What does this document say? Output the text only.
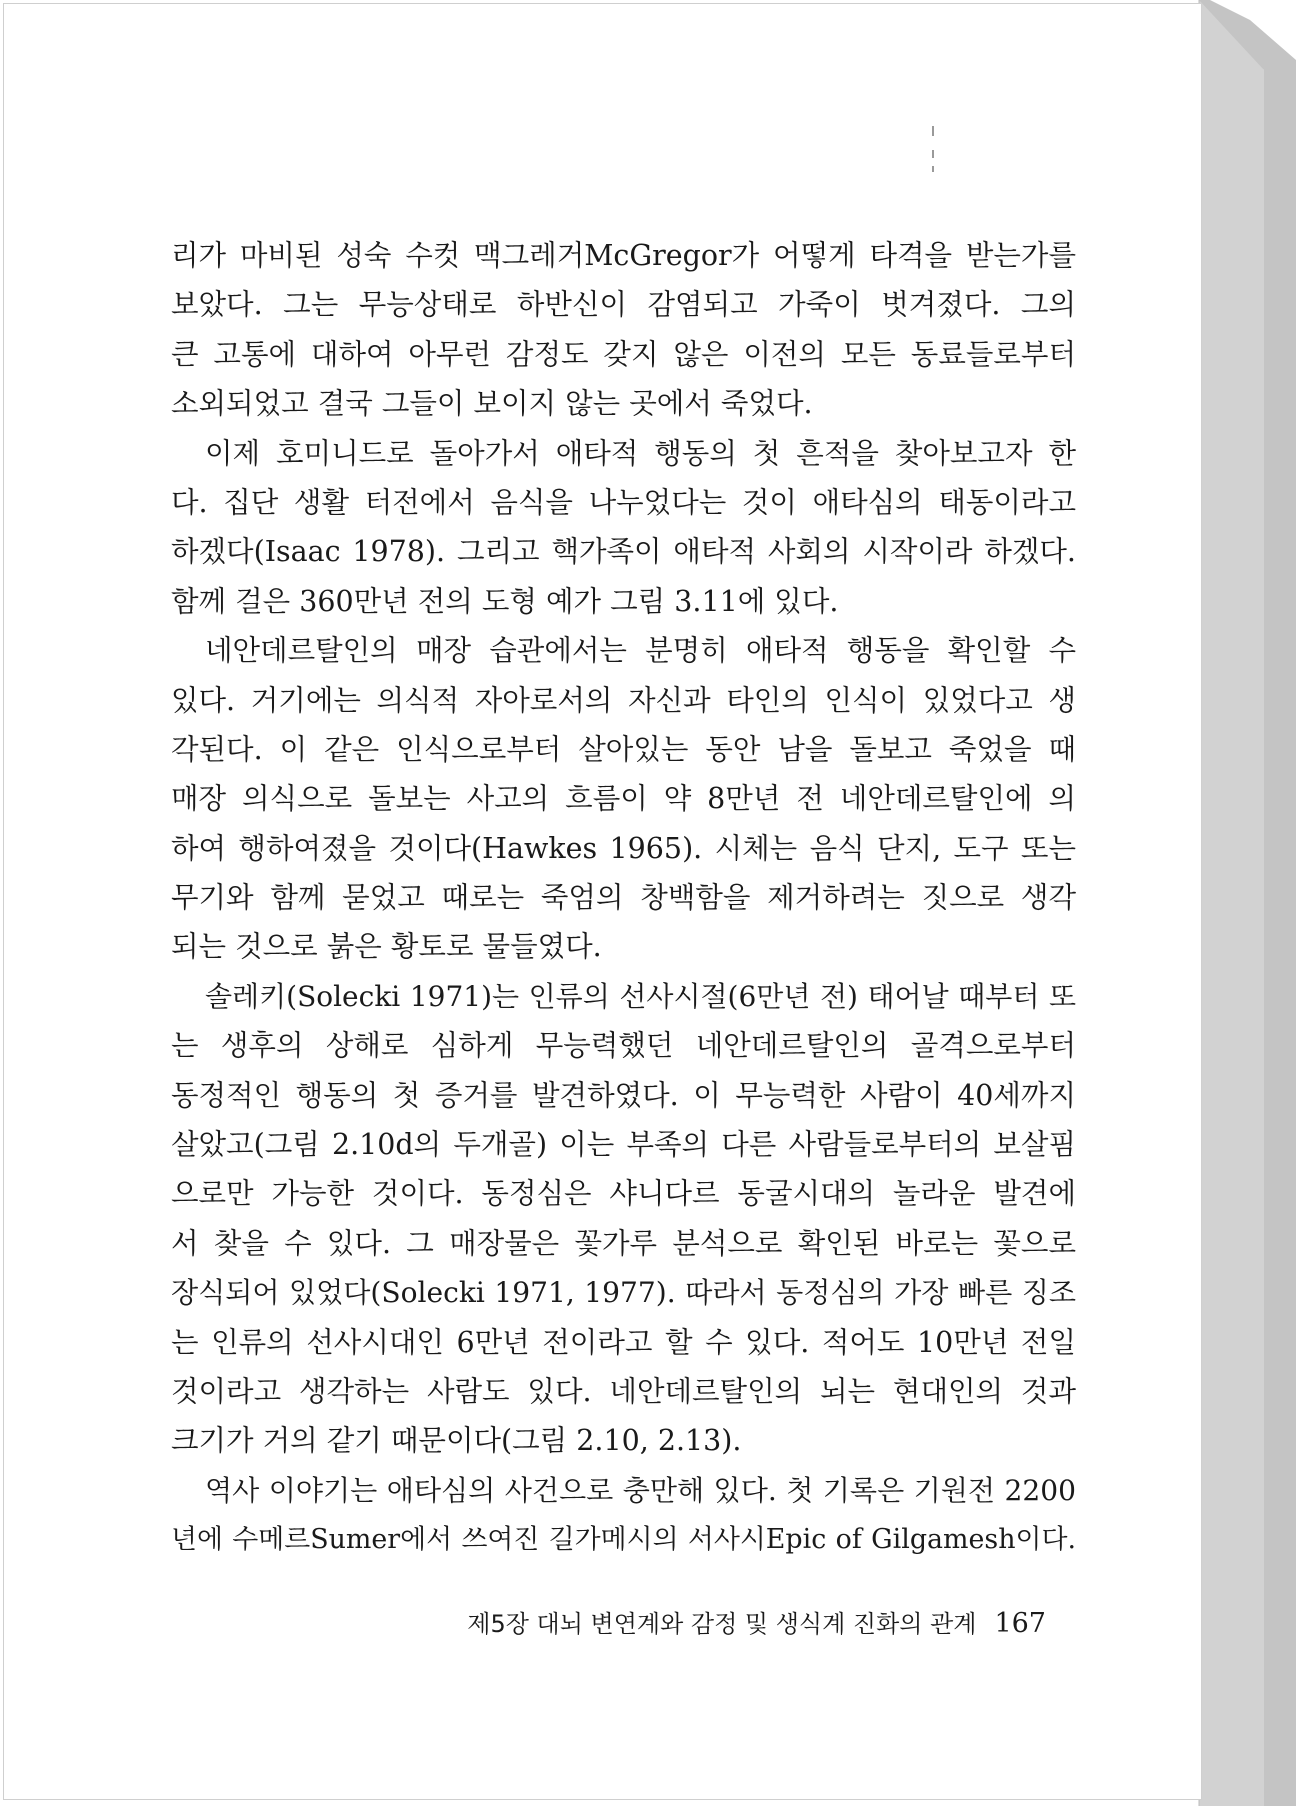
리가 마비된 성숙 수컷 맥그레거McGregor가 어떻게 타격을 받는가를
보았다. 그는 무능상태로 하반신이 감염되고 가죽이 벗겨졌다. 그의
큰 고통에 대하여 아무런 감정도 갖지 않은 이전의 모든 동료들로부터
소외되었고 결국 그들이 보이지 않는 곳에서 죽었다.
이제 호미니드로 돌아가서 애타적 행동의 첫 흔적을 찾아보고자 한
다. 집단 생활 터전에서 음식을 나누었다는 것이 애타심의 태동이라고
하겠다(Isaac 1978). 그리고 핵가족이 애타적 사회의 시작이라 하겠다.
함께 걸은 360만년 전의 도형 예가 그림 3.11에 있다.
네안데르탈인의 매장 습관에서는 분명히 애타적 행동을 확인할 수
있다. 거기에는 의식적 자아로서의 자신과 타인의 인식이 있었다고 생
각된다. 이 같은 인식으로부터 살아있는 동안 남을 돌보고 죽었을 때
매장 의식으로 돌보는 사고의 흐름이 약 8만년 전 네안데르탈인에 의
하여 행하여졌을 것이다(Hawkes 1965). 시체는 음식 단지, 도구 또는
무기와 함께 묻었고 때로는 죽엄의 창백함을 제거하려는 짓으로 생각
되는 것으로 붉은 황토로 물들였다.
솔레키(Solecki 1971)는 인류의 선사시절(6만년 전) 태어날 때부터 또
는 생후의 상해로 심하게 무능력했던 네안데르탈인의 골격으로부터
동정적인 행동의 첫 증거를 발견하였다. 이 무능력한 사람이 40세까지
살았고(그림 2.10d의 두개골) 이는 부족의 다른 사람들로부터의 보살핌
으로만 가능한 것이다. 동정심은 샤니다르 동굴시대의 놀라운 발견에
서 찾을 수 있다. 그 매장물은 꽃가루 분석으로 확인된 바로는 꽃으로
장식되어 있었다(Solecki 1971, 1977). 따라서 동정심의 가장 빠른 징조
는 인류의 선사시대인 6만년 전이라고 할 수 있다. 적어도 10만년 전일
것이라고 생각하는 사람도 있다. 네안데르탈인의 뇌는 현대인의 것과
크기가 거의 같기 때문이다(그림 2.10, 2.13).
역사 이야기는 애타심의 사건으로 충만해 있다. 첫 기록은 기원전 2200
년에 수메르Sumer에서 쓰여진 길가메시의 서사시Epic of Gilgamesh이다.
제5장 대뇌 변연계와 감정 및 생식계 진화의 관계 167
